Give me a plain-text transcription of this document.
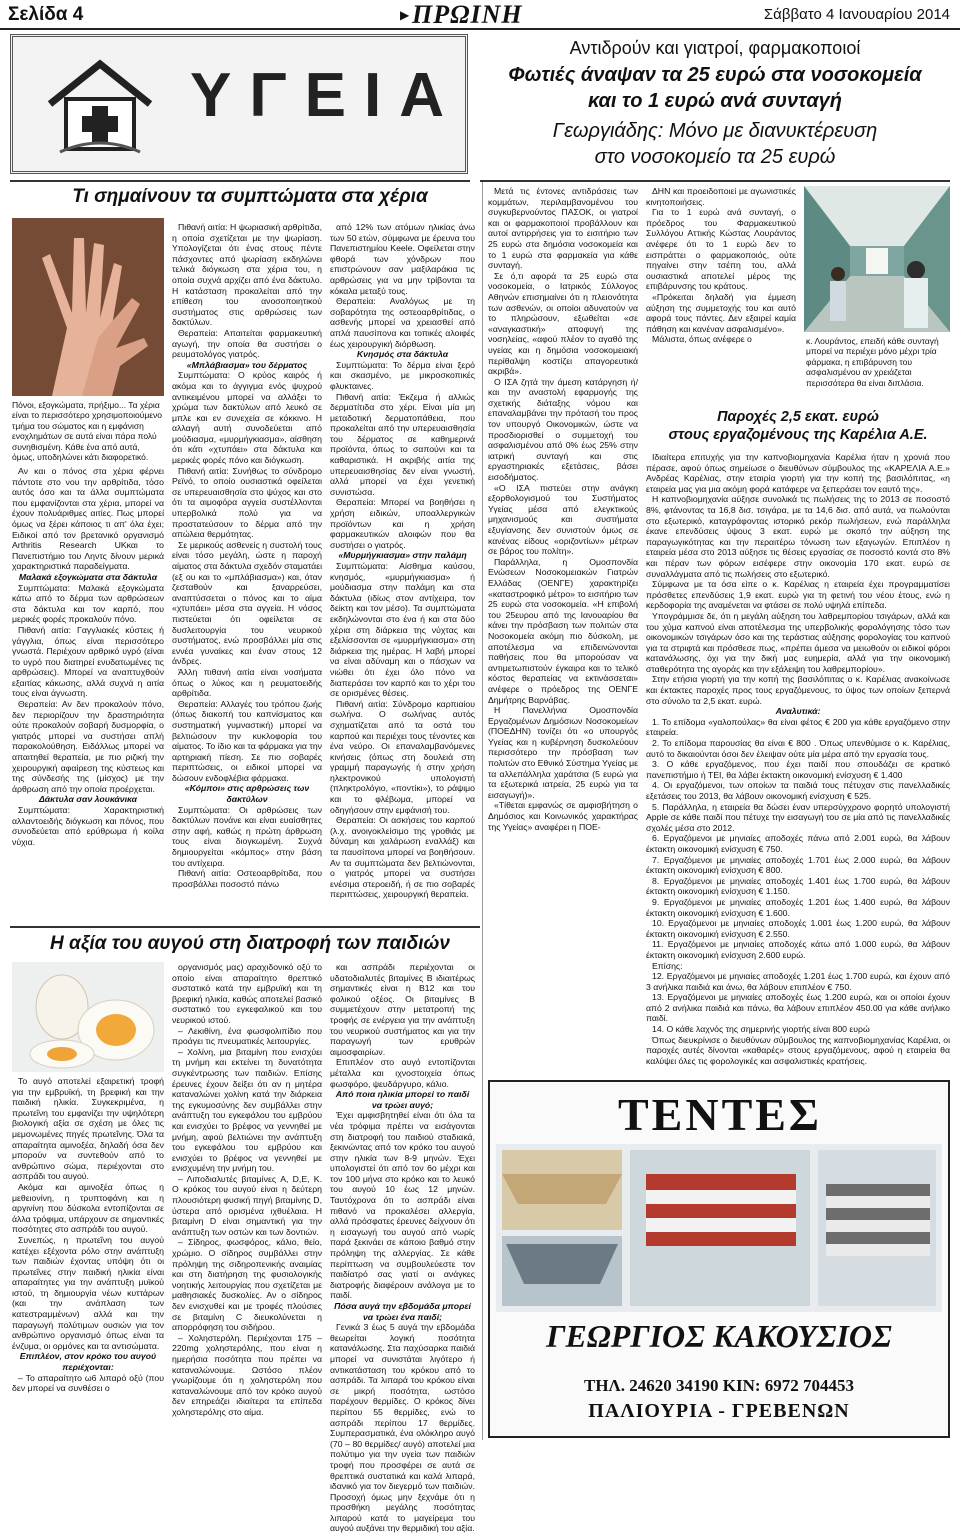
Σελίδα 4	▶ ΠΡΩΙΝΗ	Σάββατο 4 Ιανουαρίου 2014
ΥΓΕΙΑ
Αντιδρούν και γιατροί, φαρμακοποιοί
Φωτιές άναψαν τα 25 ευρώ στα νοσοκομεία
και το 1 ευρώ ανά συνταγή
Γεωργιάδης: Μόνο με διανυκτέρευση
στο νοσοκομείο τα 25 ευρώ
Τι σημαίνουν τα συμπτώματα στα χέρια
Πόνοι, εξογκώματα, πρήξιμο... Τα χέρια είναι το περισσότερο χρησιμοποιούμενο τμήμα του σώματος και η εμφάνιση ενοχλημάτων σε αυτά είναι πάρα πολύ συνηθισμένη. Κάθε ένα από αυτά, όμως, υποδηλώνει κάτι διαφορετικό.

Αν και ο πόνος στα χέρια φέρνει πάντοτε στο νου την αρθρίτιδα, τόσο αυτός όσο και τα άλλα συμπτώματα που εμφανίζονται στα χέρια, μπορεί να έχουν πολυάριθμες αιτίες. Πως μπορεί όμως να ξέρει κάποιος τι απ' όλα έχει; Ειδικοί από τον βρετανικό οργανισμό Arthritis Research UKκαι το Πανεπιστήμιο του Ληντς δίνουν μερικά χαρακτηριστικά παραδείγματα.

Μαλακά εξογκώματα στα δάκτυλα

Συμπτώματα: Μαλακά εξογκώματα κάτω από το δέρμα των αρθρώσεων στα δάκτυλα και τον καρπό, που μερικές φορές προκαλούν πόνο.

Πιθανή αιτία: Γαγγλιακές κύστεις ή γάγγλια, όπως είναι περισσότερο γνωστά. Περιέχουν αρθρικό υγρό (είναι το υγρό που διατηρεί ενυδατωμένες τις αρθρώσεις). Μπορεί να αναπτυχθούν εξαιτίας κάκωσης, αλλά συχνά η αιτία τους είναι άγνωστη.

Θεραπεία: Αν δεν προκαλούν πόνο, δεν περιορίζουν την δραστηριότητα ούτε προκαλούν σοβαρή δυσμορφία, ο γιατρός μπορεί να συστήσει απλή παρακολούθηση. Ειδάλλως μπορεί να απαιτηθεί θεραπεία, με πιο ριζική την χειρουργική αφαίρεση της κύστεως και της σύνδεσής της (μίσχος) με την άρθρωση από την οποία προέρχεται.

Δάκτυλα σαν λουκάνικα

Συμπτώματα: Χαρακτηριστική αλλαντοειδής διόγκωση και πόνος, που συνοδεύεται από ερύθρωμα ή κοίλα νύχια.

Πιθανή αιτία: Η ψωριασική αρθρίτιδα, η οποία σχετίζεται με την ψωρίαση. Υπολογίζεται ότι ένας στους πέντε πάσχοντες από ψωρίαση εκδηλώνει τελικά διόγκωση στα χέρια του, η οποία συχνά αρχίζει από ένα δάκτυλο. Η κατάσταση προκαλείται από την επίθεση του ανοσοποιητικού συστήματος στις αρθρώσεις των δακτύλων.

Θεραπεία: Απαιτείται φαρμακευτική αγωγή, την οποία θα συστήσει ο ρευματολόγος γιατρός.

«Μπλάβιασμα» του δέρματος

Συμπτώματα: Ο κρύος καιρός ή ακόμα και το άγγιγμα ενός ψυχρού αντικειμένου μπορεί να αλλάξει το χρώμα των δακτύλων από λευκό σε μπλε και εν συνεχεία σε κόκκινο. Η αλλαγή αυτή συνοδεύεται από μούδιασμα, «μυρμήγκιασμα», αίσθηση ότι κάτι «χτυπάει» στα δάκτυλα και μερικές φορές πόνο και διόγκωση.

Πιθανή αιτία: Συνήθως το σύνδρομο Ρεϊνό, το οποίο ουσιαστικά οφείλεται σε υπερευαισθησία στο ψύχος και στο ότι τα αιμοφόρα αγγεία συστέλλονται υπερβολικά πολύ για να προστατεύσουν το δέρμα από την απώλεια θερμότητας.

Σε μερικούς ασθενείς η συστολή τους είναι τόσο μεγάλη, ώστε η παροχή αίματος στα δάκτυλα σχεδόν σταματάει (εξ ου και το «μπλάβιασμα») και, όταν ζεσταθούν και ξαναρρεύσει, αναπτύσσεται ο πόνος και το αίμα «χτυπάει» μέσα στα αγγεία. Η νόσος πιστεύεται ότι οφείλεται σε δυσλειτουργία του νευρικού συστήματος, ενώ προσβάλλει μία στις εννέα γυναίκες και έναν στους 12 άνδρες.

Άλλη πιθανή αιτία είναι νοσήματα όπως ο λύκος και η ρευματοειδής αρθρίτιδα.

Θεραπεία: Αλλαγές του τρόπου ζωής (όπως διακοπή του καπνίσματος και συστηματική γυμναστική) μπορεί να βελτιώσουν την κυκλοφορία του αίματος. Το ίδιο και τα φάρμακα για την αρτηριακή πίεση. Σε πιο σοβαρές περιπτώσεις, οι ειδικοί μπορεί να δώσουν ενδοφλέβια φάρμακα.

«Κόμποι» στις αρθρώσεις των δακτύλων

Συμπτώματα: Οι αρθρώσεις των δακτύλων πονάνε και είναι ευαίσθητες στην αφή, καθώς η πρώτη άρθρωση τους είναι διογκωμένη. Συχνά δημιουργείται «κόμπος» στην βάση του αντίχειρα.

Πιθανή αιτία: Οστεοαρθρίτιδα, που προσβάλλει ποσοστό πάνω

από 12% των ατόμων ηλικίας άνω των 50 ετών, σύμφωνα με έρευνα του Πανεπιστημίου Keele. Οφείλεται στην φθορά των χόνδρων που επιστρώνουν σαν μαξιλαράκια τις αρθρώσεις για να μην τρίβονται τα κόκαλα μεταξύ τους.

Θεραπεία: Αναλόγως με τη σοβαρότητα της οστεοαρθρίτιδας, ο ασθενής μπορεί να χρειασθεί από απλά παυσίπονα και τοπικές αλοιφές έως χειρουργική διόρθωση.

Κνησμός στα δάκτυλα

Συμπτώματα: Το δέρμα είναι ξερό και σκασμένο, με μικροσκοπικές φλυκταινες.

Πιθανή αιτία: Έκζεμα ή αλλιώς δερματίτιδα στο χέρι. Είναι μία μη μεταδοτική δερματοπάθεια, που προκαλείται από την υπερευαισθησία του δέρματος σε καθημερινά προϊόντα, όπως το σαπούνι και τα καθαριστικά. Η ακριβής αιτία της υπερευαισθησίας δεν είναι γνωστή, αλλά μπορεί να έχει γενετική συνιστώσα.

Θεραπεία: Μπορεί να βοηθήσει η χρήση ειδικών, υποαλλεργικών προϊόντων και η χρήση φαρμακευτικών αλοιφών που θα συστήσει ο γιατρός.

«Μυρμήγκιασμα» στην παλάμη

Συμπτώματα: Αίσθημα καύσου, κνησμός, «μυρμήγκιασμα» ή μούδιασμα στην παλάμη και στα δάκτυλα (ιδίως στον αντίχειρα, τον δείκτη και τον μέσο). Τα συμπτώματα εκδηλώνονται στο ένα ή και στα δύο χέρια στη διάρκεια της νύχτας και εξελίσσονται σε «μυρμήγκιασμα» στη διάρκεια της ημέρας. Η λαβή μπορεί να είναι αδύναμη και ο πάσχων να νιώθει ότι έχει όλο πόνο να διαπεράσει τον καρπό και το χέρι του σε ορισμένες θέσεις.

Πιθανή αιτία: Σύνδρομο καρπιαίου σωλήνα. Ο σωλήνας αυτός σχηματίζεται από τα οστά του καρπού και περιέχει τους τένοντες και ένα νεύρο. Οι επαναλαμβανόμενες κινήσεις (όπως στη δουλειά στη γραμμή παραγωγής ή στην χρήση ηλεκτρονικού υπολογιστή (πληκτρολόγιο, «ποντίκι»), το ράψιμο και το φλέβωμα, μπορεί να οδηγήσουν στην εμφάνισή του.

Θεραπεία: Οι ασκήσεις του καρπού (λ.χ. ανοιγοκλείσιμο της γροθιάς με δύναμη και χαλάρωση εναλλάξ) και τα παυσίπονα μπορεί να βοηθήσουν. Αν τα συμπτώματα δεν βελτιώνονται, ο γιατρός μπορεί να συστήσει ενέσιμα στεροειδή, ή σε πιο σοβαρές περιπτώσεις, χειρουργική θεραπεία.

Η αξία του αυγού στη διατροφή των παιδιών

Το αυγό αποτελεί εξαιρετική τροφή για την εμβρυϊκή, τη βρεφική και την παιδική ηλικία. Συγκεκριμένα, η πρωτεΐνη του εμφανίζει την υψηλότερη βιολογική αξία σε σχέση με όλες τις μεμονωμένες πηγές πρωτεΐνης. Όλα τα απαραίτητα αμινοξέα, δηλαδή όσα δεν μπορούν να συντεθούν από το ανθρώπινο σώμα, περιέχονται στο ασπράδι του αυγού.

Ακόμα και αμινοξέα όπως η μεθειονίνη, η τρυπτοφάνη και η αργινίνη που δύσκολα εντοπίζονται σε άλλα τρόφιμα, υπάρχουν σε σημαντικές ποσότητες στο ασπράδι του αυγού.

Συνεπώς, η πρωτεΐνη του αυγού κατέχει εξέχοντα ρόλο στην ανάπτυξη των παιδιών έχοντας υπόψη ότι οι πρωτεΐνες στην παιδική ηλικία είναι απαραίτητες για την ανάπτυξη μυϊκού ιστού, τη δημιουργία νέων κυττάρων (και την ανάπλαση των κατεστραμμένων) αλλά και την παραγωγή πολύτιμων ουσιών για τον ανθρώπινο οργανισμό όπως είναι τα ένζυμα, οι ορμόνες και τα αντισώματα.

Επιπλέον, στον κρόκο του αυγού περιέχονται:

– Το απαραίτητο ω6 λιπαρό οξύ (που δεν μπορεί να συνθέσει ο

οργανισμός μας) αραχιδονικό οξύ το οποίο είναι απαραίτητο θρεπτικό συστατικό κατά την εμβρυϊκή και τη βρεφική ηλικία, καθώς αποτελεί βασικό συστατικό του εγκεφαλικού και του νευρικού ιστού.

– Λεκιθίνη, ένα φωσφολιπίδιο που προάγει τις πνευματικές λειτουργίες.

– Χολίνη, μια βιταμίνη που ενισχύει τη μνήμη και εκτείνει τη δυνατότητα συγκέντρωσης των παιδιών. Επίσης έρευνες έχουν δείξει ότι αν η μητέρα καταναλώνει χολίνη κατά την διάρκεια της εγκυμοσύνης δεν συμβάλλει στην ανάπτυξη του εγκεφάλου του εμβρύου και ενισχύει το βρέφος να γεννηθεί με μνήμη, αφού βελτιώνει την ανάπτυξη του εγκεφάλου του εμβρύου και ενισχύει το βρέφος να γεννηθεί με ενισχυμένη την μνήμη του.

– Λιποδιαλυτές βιταμίνες A, D,E, K. Ο κρόκος του αυγού είναι η δεύτερη πλουσιότερη φυσική πηγή βιταμίνης D, ύστερα από ορισμένα ιχθυέλαια. Η βιταμίνη D είναι σημαντική για την ανάπτυξη των οστών και των δοντιών.

– Σίδηρος, φωσφόρος, κάλιο, θείο, χρώμιο. Ο σίδηρος συμβάλλει στην πρόληψη της σιδηροπενικής αναιμίας και στη διατήρηση της φυσιολογικής νοητικής λειτουργίας που σχετίζεται με μαθησιακές δυσκολίες. Αν ο σίδηρος δεν ενισχυθεί και με τροφές πλούσιες σε βιταμίνη C διευκολύνεται η απορρόφηση του σιδήρου.

– Χοληστερόλη. Περιέχονται 175 – 220mg χοληστερόλης, που είναι η ημερήσια ποσότητα που πρέπει να καταναλώνουμε. Ωστόσο πλέον γνωρίζουμε ότι η χοληστερόλη που καταναλώνουμε από τον κρόκο αυγού δεν επηρεάζει ιδιαίτερα τα επίπεδα χοληστερόλης στο αίμα.

και ασπράδι περιέχονται οι υδατοδιαλυτές βιταμίνες B ιδιαιτέρως σημαντικές είναι η B12 και του φολικού οξέος. Οι βιταμίνες B συμμετέχουν στην μετατροπή της τροφής σε ενέργεια για την ανάπτυξη του νευρικού συστήματος και για την παραγωγή των ερυθρών αιμοσφαιρίων.

Επιπλέον στο αυγό εντοπίζονται μέταλλα και ιχνοστοιχεία όπως φωσφόρο, ψευδάργυρο, κάλιο.

Από ποια ηλικία μπορεί το παιδί να τρώει αυγό;

Έχει αμφισβητηθεί είναι ότι όλα τα νέα τρόφιμα πρέπει να εισάγονται στη διατροφή του παιδιού σταδιακά, ξεκινώντας από τον κρόκο του αυγού στην ηλικία των 8-9 μηνών. Έχει υπολογιστεί ότι από τον 6ο μέχρι και τον 100 μήνα στο κρόκο και το λευκό του αυγού 10 έως 12 μηνών. Ταυτόχρονα ότι το ασπράδι είναι πιθανό να προκαλέσει αλλεργία, αλλά πρόσφατες έρευνες δείχνουν ότι η εισαγωγή του αυγού από νωρίς παρά ξεκινάει σε κάποιο βαθμό στην πρόληψη της αλλεργίας. Σε κάθε περίπτωση να συμβουλεύεστε τον παιδίατρό σας γιατί οι ανάγκες διατροφής διαφέρουν ανάλογα με το παιδί.

Πόσα αυγά την εβδομάδα μπορεί να τρώει ένα παιδί;

Γενικά 3 έως 5 αυγά την εβδομάδα θεωρείται λογική ποσότητα κατανάλωσης. Στα παχύσαρκα παιδιά μπορεί να συνιστάται λιγότερο ή αντικατάσταση του κρόκου από το ασπράδι. Τα λιπαρά του κρόκου είναι σε μικρή ποσότητα, ωστόσο παρέχουν θερμίδες. Ο κρόκος δίνει περίπου 55 θερμίδες, ενώ το ασπράδι περίπου 17 θερμίδες. Συμπερασματικά, ένα ολόκληρο αυγό (70 – 80 θερμίδες/ αυγό) αποτελεί μια πολύτιμο για την υγεία των παιδιών τροφή που προσφέρει σε αυτά σε θρεπτικά συστατικά και καλά λιπαρά, ιδανικό για τον διεγερμό των παιδιών. Προσοχή όμως μην ξεχνάμε ότι η προσθήκη μεγάλης ποσότητας λιπαρού κατά το μαγείρεμα του αυγού αυξάνει την θερμιδική του αξία.

Μετά τις έντονες αντιδράσεις των κομμάτων, περιλαμβανομένου του συγκυβερνούντος ΠΑΣΟΚ, οι γιατροί και οι φαρμακοποιοί προβάλλουν και αυτοί αντιρρήσεις για το εισιτήριο των 25 ευρώ στα δημόσια νοσοκομεία και το 1 ευρώ στα φαρμακεία για κάθε συνταγή.

Σε ό,τι αφορά τα 25 ευρώ στα νοσοκομεία, ο Ιατρικός Σύλλογος Αθηνών επισημαίνει ότι η πλειονότητα των ασθενών, οι οποίοι αδυνατούν να το πληρώσουν, εξωθείται «σε «αναγκαστική» αποφυγή της νοσηλείας, «αφού πλέον το αγαθό της υγείας και η δημόσια νοσοκομειακή περίθαλψη κοστίζει απαγορευτικά ακριβά».

Ο ΙΣΑ ζητά την άμεση κατάργηση ή/και την αναστολή εφαρμογής της σχετικής διάταξης νόμου και επαναλαμβάνει την πρότασή του προς τον υπουργό Οικονομικών, ώστε να προσδιορισθεί ο συμμετοχή του ασφαλισμένου από 0% έως 25% στην ιατρική συνταγή και στις εργαστηριακές εξετάσεις, βάσει εισοδήματος.

«Ο ΙΣΑ πιστεύει στην ανάγκη εξορθολογισμού του Συστήματος Υγείας μέσα από ελεγκτικούς μηχανισμούς και συστήματα εξυγίανσης δεν συνιστούν όμως σε κανένας είδους «οριζοντίων» μέτρων σε βάρος του πολίτη».

Παράλληλα, η Ομοσπονδία Ενώσεων Νοσοκομειακών Γιατρών Ελλάδας (ΟΕΝΓΕ) χαρακτηρίζει «καταστροφικό μέτρο» το εισιτήριο των 25 ευρώ στα νοσοκομεία. «Η επιβολή του 25ευρου από της Ιανουαρίου θα κάνει την πρόσβαση των πολιτών στα Νοσοκομεία ακόμη πιο δύσκολη, με αποτέλεσμα να επιδεινώνονται παθήσεις που θα μπορούσαν να αντιμετωπιστούν έγκαιρα και το τελικό κόστος θεραπείας να εκτινάσσεται» ανέφερε ο πρόεδρος της ΟΕΝΓΕ Δημήτρης Βαρνάβας.

Η Πανελλήνια Ομοσπονδία Εργαζομένων Δημόσιων Νοσοκομείων (ΠΟΕΔΗΝ) τονίζει ότι «ο υπουργός Υγείας και η κυβέρνηση δυσκολεύουν περισσότερο την πρόσβαση των πολιτών στο Εθνικό Σύστημα Υγείας με τα αλλεπάλληλα χαράτσια (5 ευρώ για τα εξωτερικά ιατρεία, 25 ευρώ για τα εισαγωγή)».

«Τίθεται εμφανώς σε αμφισβήτηση ο Δημόσιος και Κοινωνικός χαρακτήρας της Υγείας» αναφέρει η ΠΟΕ-

ΔΗΝ και προειδοποιεί με αγωνιστικές κινητοποιήσεις.

Για το 1 ευρώ ανά συνταγή, ο πρόεδρος του Φαρμακευτικού Συλλόγου Αττικής Κώστας Λουράντος ανέφερε ότι το 1 ευρώ δεν το εισπράττει ο φαρμακοποιός, ούτε πηγαίνει στην τσέπη του, αλλά ουσιαστικά αποτελεί μέρος της επιβάρυνσης του κράτους.

«Πρόκειται δηλαδή για έμμεση αύξηση της συμμετοχής του και αυτό αφορά τους πάντες. Δεν εξαιρεί καμία πάθηση και κανέναν ασφαλισμένο».

Μάλιστα, όπως ανέφερε ο	κ. Λουράντος, επειδή κάθε συνταγή μπορεί να περιέχει μόνο μέχρι τρία φάρμακα, η επιβάρυνση του ασφαλισμένου αν χρειάζεται περισσότερα θα είναι διπλάσια.
Παροχές 2,5 εκατ. ευρώ
στους εργαζομένους της Καρέλια Α.Ε.

Ιδιαίτερα επιτυχής για την καπνοβιομηχανία Καρέλια ήταν η χρονιά που πέρασε, αφού όπως σημείωσε ο διευθύνων σύμβουλος της «ΚΑΡΕΛΙΑ Α.Ε.» Ανδρέας Καρέλιας, στην εταιρία γιορτή για την κοπή της βασιλόπιτας, «η εταιρεία μας για μια ακόμη φορά κατάφερε να ξεπεράσει τον εαυτό της».

Η καπνοβιομηχανία αύξησε συνολικά τις πωλήσεις της το 2013 σε ποσοστό 8%, φτάνοντας τα 16,8 δισ. τσιγάρα, με τα 14,6 δισ. από αυτά, να πωλούνται στο εξωτερικό, καταγράφοντας ιστορικό ρεκόρ πωλήσεων, ενώ παράλληλα έκανε επενδύσεις ύψους 3 εκατ. ευρώ με σκοπό την αύξηση της παραγωγικότητας και την περαιτέρω τόνωση των εξαγωγών. Επιπλέον η εταιρεία μέσα στο 2013 αύξησε τις θέσεις εργασίας σε ποσοστό κοντά στο 8% και πέραν των φόρων εισέφερε στην οικονομία 170 εκατ. ευρώ σε συναλλάγματα από τις πωλήσεις στο εξωτερικό.

Σύμφωνα με τα όσα είπε ο κ. Καρέλιας η εταιρεία έχει προγραμματίσει πρόσθετες επενδύσεις 1,9 εκατ. ευρώ για τη φετινή του νέου έτους, ενώ η κερδοφορία της αναμένεται να φτάσει σε πολύ υψηλά επίπεδα.

Υπογράμμισε δε, ότι η μεγάλη αύξηση του λαθρεμπορίου τσιγάρων, αλλά και του χύμα καπνού είναι αποτέλεσμα της υπερβολικής φορολόγησης τόσο των οικονομικών τσιγάρων όσο και της τεράστιας αύξησης φορολογίας του καπνού για τα στριφτά και πρόσθεσε πως, «πρέπει άμεσα να μειωθούν οι ειδικοί φόροι κατανάλωσης, όχι για την δική μας ευημερία, αλλά για την οικονομική σταθερότητα της αγοράς και την εξάλειψη του λαθρεμπορίου».

Στην ετήσια γιορτή για την κοπή της βασιλόπιτας ο κ. Καρέλιας ανακοίνωσε και έκτακτες παροχές προς τους εργαζόμενους, το ύψος των οποίων ξεπερνά στο σύνολο τα 2,5 εκατ. ευρώ.

Αναλυτικά:

1. Το επίδομα «γαλοπούλας» θα είναι φέτος € 200 για κάθε εργαζόμενο στην εταιρεία.

2. Το επίδομα παρουσίας θα είναι € 800 . Όπως υπενθύμισε ο κ. Καρέλιας, αυτό το δικαιούνται όσοι δεν έλειψαν ούτε μία μέρα από την εργασία τους.

3. Ο κάθε εργαζόμενος, που έχει παιδί που σπουδάζει σε κρατικό πανεπιστήμιο ή ΤΕΙ, θα λάβει έκτακτη οικονομική ενίσχυση € 1.400

4. Οι εργαζόμενοι, των οποίων τα παιδιά τους πέτυχαν στις πανελλαδικές εξετάσεις του 2013, θα λάβουν οικονομική ενίσχυση € 525.

5. Παράλληλα, η εταιρεία θα δώσει έναν υπερσύγχρονο φορητό υπολογιστή Apple σε κάθε παιδί που πέτυχε την εισαγωγή του σε μία από τις πανελλαδικές σχολές μέσα στο 2012.

6. Εργαζόμενοι με μηνιαίες αποδοχές πάνω από 2.001 ευρώ, θα λάβουν έκτακτη οικονομική ενίσχυση € 750.

7. Εργαζόμενοι με μηνιαίες αποδοχές 1.701 έως 2.000 ευρώ, θα λάβουν έκτακτη οικονομική ενίσχυση € 800.

8. Εργαζόμενοι με μηνιαίες αποδοχές 1.401 έως 1.700 ευρώ, θα λάβουν έκτακτη οικονομική ενίσχυση € 1.150.

9. Εργαζόμενοι με μηνιαίες αποδοχές 1.201 έως 1.400 ευρώ, θα λάβουν έκτακτη οικονομική ενίσχυση € 1.600.

10. Εργαζόμενοι με μηνιαίες αποδοχές 1.001 έως 1.200 ευρώ, θα λάβουν έκτακτη οικονομική ενίσχυση € 2.550.

11. Εργαζόμενοι με μηνιαίες αποδοχές κάτω από 1.000 ευρώ, θα λάβουν έκτακτη οικονομική ενίσχυση 2.600 ευρώ.

Επίσης:

12. Εργαζόμενοι με μηνιαίες αποδοχές 1.201 έως 1.700 ευρώ, και έχουν από 3 ανήλικα παιδιά και άνω, θα λάβουν επιπλέον € 750.

13. Εργαζόμενοι με μηνιαίες αποδοχές έως 1.200 ευρώ, και οι οποίοι έχουν από 2 ανήλικα παιδιά και πάνω, θα λάβουν επιπλέον 450.00 για κάθε ανήλικο παιδί.

14. Ο κάθε λαχνός της σημερινής γιορτής είναι 800 ευρώ

Όπως διευκρίνισε ο διευθύνων σύμβουλος της καπνοβιομηχανίας Καρέλια, οι παροχές αυτές δίνονται «καθαρές» στους εργαζόμενους, αφού η εταιρεία θα καλύψει όλες τις φορολογικές και ασφαλιστικές κρατήσεις.

ΤΕΝΤΕΣ
ΓΕΩΡΓΙΟΣ ΚΑΚΟΥΣΙΟΣ
ΤΗΛ. 24620 34190 ΚΙΝ: 6972 704453
ΠΑΛΙΟΥΡΙΑ - ΓΡΕΒΕΝΩΝ
